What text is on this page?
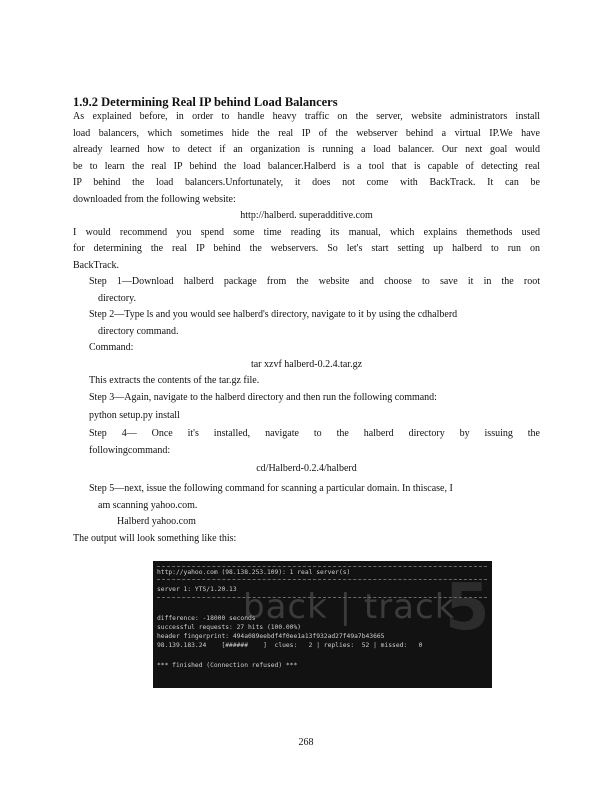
1.9.2 Determining Real IP behind Load Balancers

As explained before, in order to handle heavy traffic on the server, website administrators install

load balancers, which sometimes hide the real IP of the webserver behind a virtual IP.We have

already learned how to detect if an organization is running a load balancer. Our next goal would

be to learn the real IP behind the load balancer.Halberd is a tool that is capable of detecting real

IP behind the load balancers.Unfortunately, it does not come with BackTrack. It can be

downloaded from the following website:

http://halberd. superadditive.com

I would recommend you spend some time reading its manual, which explains themethods used

for determining the real IP behind the webservers. So let's start setting up halberd to run on

BackTrack.

Step 1—Download halberd package from the website and choose to save it in the root

directory.

Step 2—Type ls and you would see halberd's directory, navigate to it by using the cdhalberd

directory command.

Command:

tar xzvf halberd-0.2.4.tar.gz

This extracts the contents of the tar.gz file.

Step 3—Again, navigate to the halberd directory and then run the following command:

python setup.py install

Step 4— Once it's installed, navigate to the halberd directory by issuing the

followingcommand:

cd/Halberd-0.2.4/halberd

Step 5—next, issue the following command for scanning a particular domain. In thiscase, I

am scanning yahoo.com.

Halberd yahoo.com

The output will look something like this:

back | track
5
http://yahoo.com (98.138.253.109): 1 real server(s)
server 1: YTS/1.20.13
difference: -18000 seconds
successful requests: 27 hits (100.00%)
header fingerprint: 494a089eebdf4f0ee1a13f932ad27f49a7b43665
98.139.183.24    [######    ]  clues:   2 | replies:  52 | missed:   0
*** finished (Connection refused) ***
268
